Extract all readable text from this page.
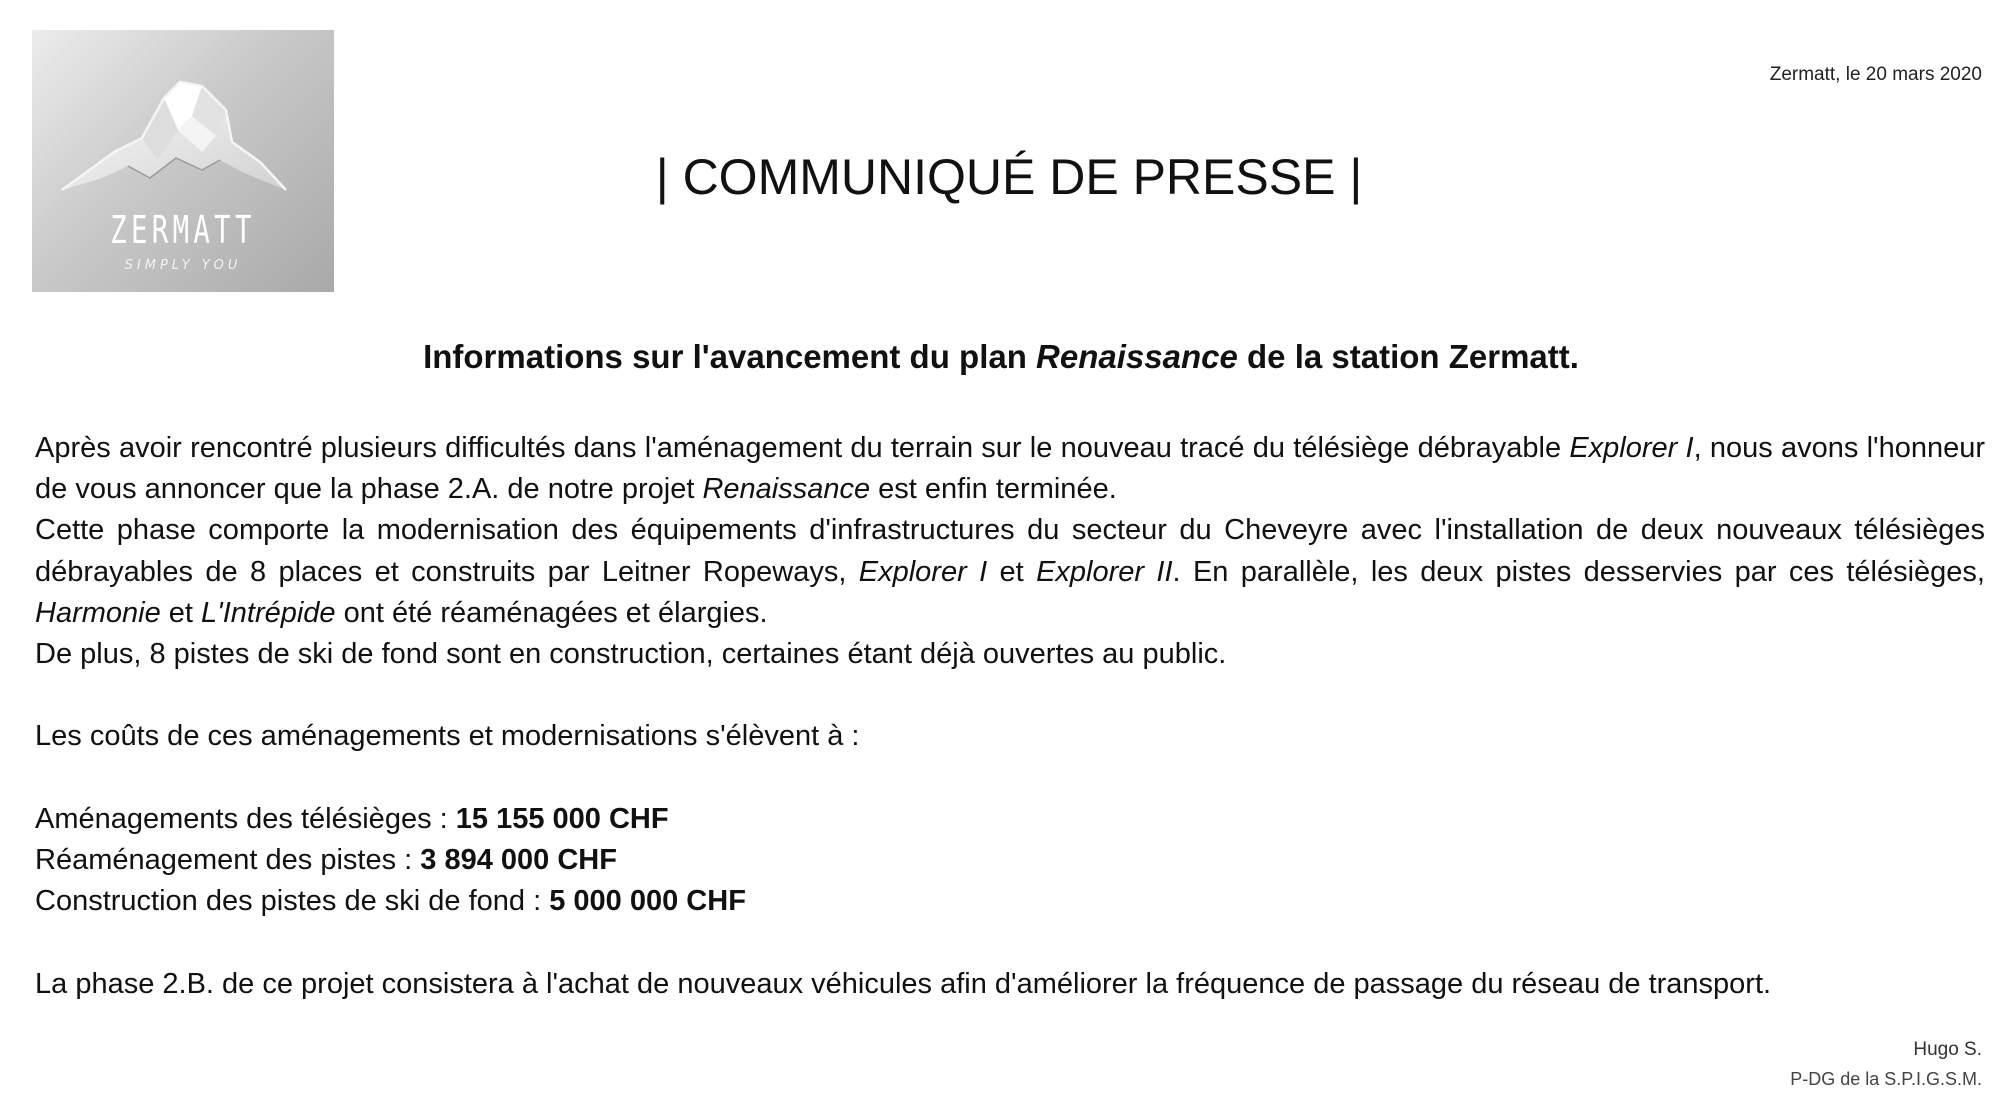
ZERMATT
SIMPLY YOU
Zermatt, le 20 mars 2020
| COMMUNIQUÉ DE PRESSE |
Informations sur l'avancement du plan Renaissance de la station Zermatt.

Après avoir rencontré plusieurs difficultés dans l'aménagement du terrain sur le nouveau tracé du télésiège débrayable Explorer I, nous avons l'honneur de vous annoncer que la phase 2.A. de notre projet Renaissance est enfin terminée.

Cette phase comporte la modernisation des équipements d'infrastructures du secteur du Cheveyre avec l'installation de deux nouveaux télésièges débrayables de 8 places et construits par Leitner Ropeways, Explorer I et Explorer II. En parallèle, les deux pistes desservies par ces télésièges, Harmonie et L'Intrépide ont été réaménagées et élargies.

De plus, 8 pistes de ski de fond sont en construction, certaines étant déjà ouvertes au public.

Les coûts de ces aménagements et modernisations s'élèvent à :

Aménagements des télésièges : 15 155 000 CHF

Réaménagement des pistes : 3 894 000 CHF

Construction des pistes de ski de fond : 5 000 000 CHF

La phase 2.B. de ce projet consistera à l'achat de nouveaux véhicules afin d'améliorer la fréquence de passage du réseau de transport.

Hugo S.
P-DG de la S.P.I.G.S.M.
